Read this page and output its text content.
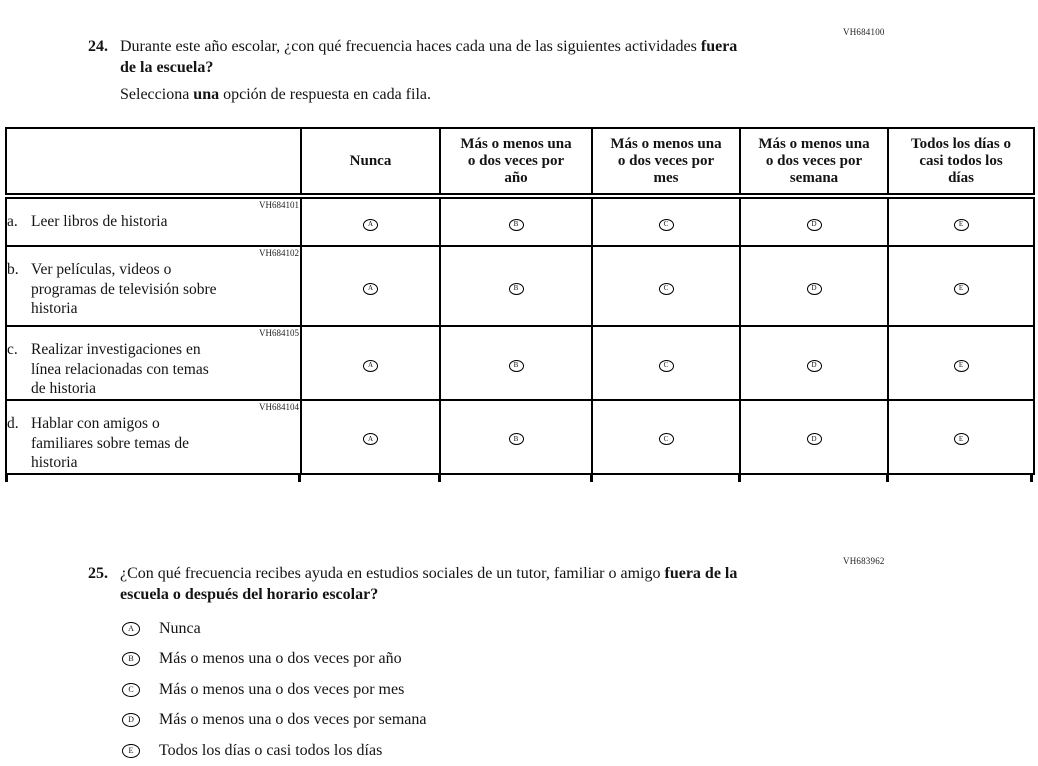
VH684100
24. Durante este año escolar, ¿con qué frecuencia haces cada una de las siguientes actividades fuera de la escuela?
Selecciona una opción de respuesta en cada fila.
	Nunca	Más o menos una o dos veces por año	Más o menos una o dos veces por mes	Más o menos una o dos veces por semana	Todos los días o casi todos los días

VH684101
a. Leer libros de historia	A	B	C	D	E

VH684102
b. Ver películas, videos o programas de televisión sobre historia	A	B	C	D	E

VH684105
c. Realizar investigaciones en línea relacionadas con temas de historia	A	B	C	D	E

VH684104
d. Hablar con amigos o familiares sobre temas de historia	A	B	C	D	E
VH683962
25. ¿Con qué frecuencia recibes ayuda en estudios sociales de un tutor, familiar o amigo fuera de la escuela o después del horario escolar?
A	Nunca
B	Más o menos una o dos veces por año
C	Más o menos una o dos veces por mes
D	Más o menos una o dos veces por semana
E	Todos los días o casi todos los días
